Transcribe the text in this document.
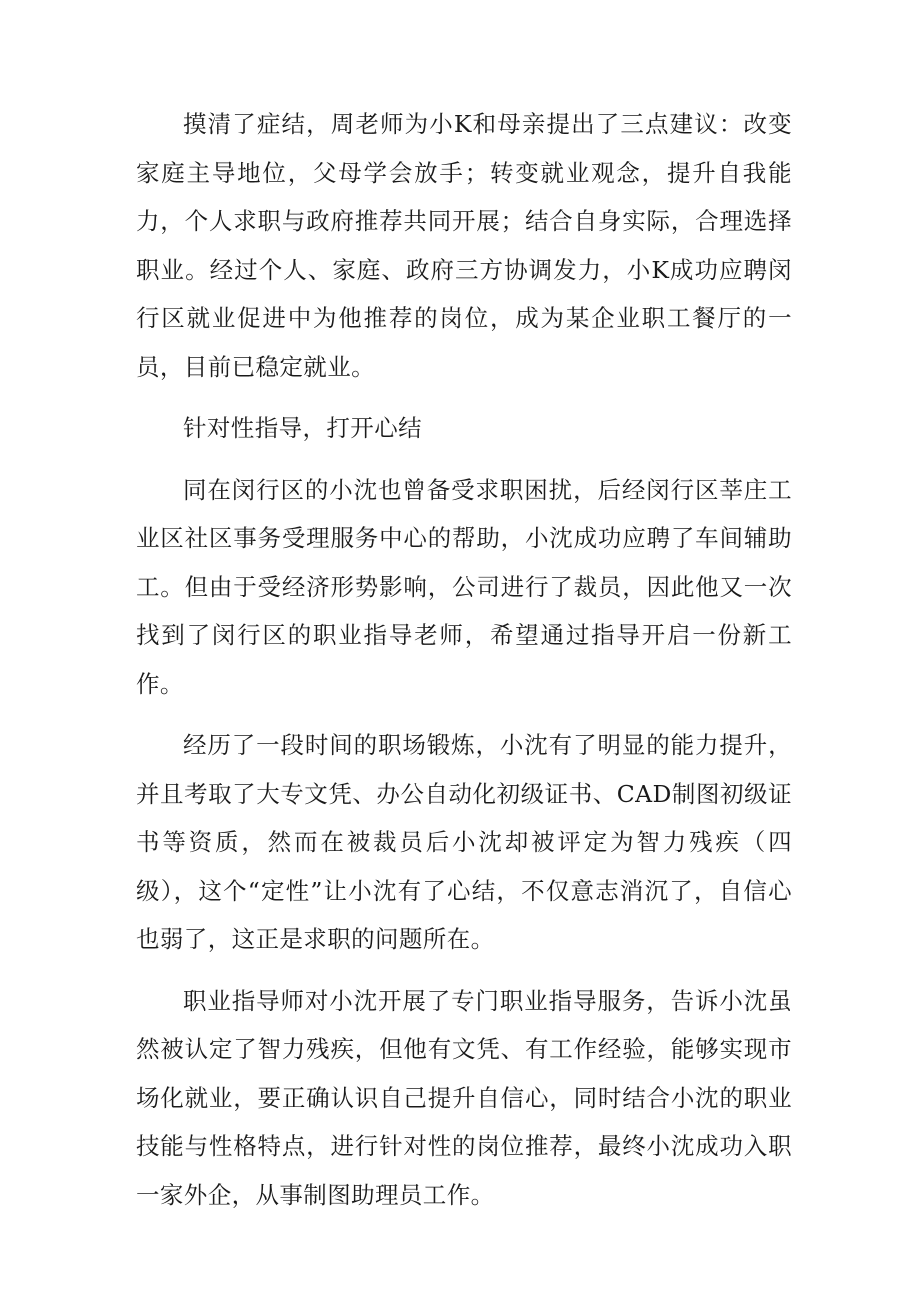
摸清了症结，周老师为小K和母亲提出了三点建议：改变家庭主导地位，父母学会放手；转变就业观念，提升自我能力，个人求职与政府推荐共同开展；结合自身实际，合理选择职业。经过个人、家庭、政府三方协调发力，小K成功应聘闵行区就业促进中为他推荐的岗位，成为某企业职工餐厅的一员，目前已稳定就业。

针对性指导，打开心结

同在闵行区的小沈也曾备受求职困扰，后经闵行区莘庄工业区社区事务受理服务中心的帮助，小沈成功应聘了车间辅助工。但由于受经济形势影响，公司进行了裁员，因此他又一次找到了闵行区的职业指导老师，希望通过指导开启一份新工作。

经历了一段时间的职场锻炼，小沈有了明显的能力提升，并且考取了大专文凭、办公自动化初级证书、CAD制图初级证书等资质，然而在被裁员后小沈却被评定为智力残疾（四级），这个“定性”让小沈有了心结，不仅意志消沉了，自信心也弱了，这正是求职的问题所在。

职业指导师对小沈开展了专门职业指导服务，告诉小沈虽然被认定了智力残疾，但他有文凭、有工作经验，能够实现市场化就业，要正确认识自己提升自信心，同时结合小沈的职业技能与性格特点，进行针对性的岗位推荐，最终小沈成功入职一家外企，从事制图助理员工作。
